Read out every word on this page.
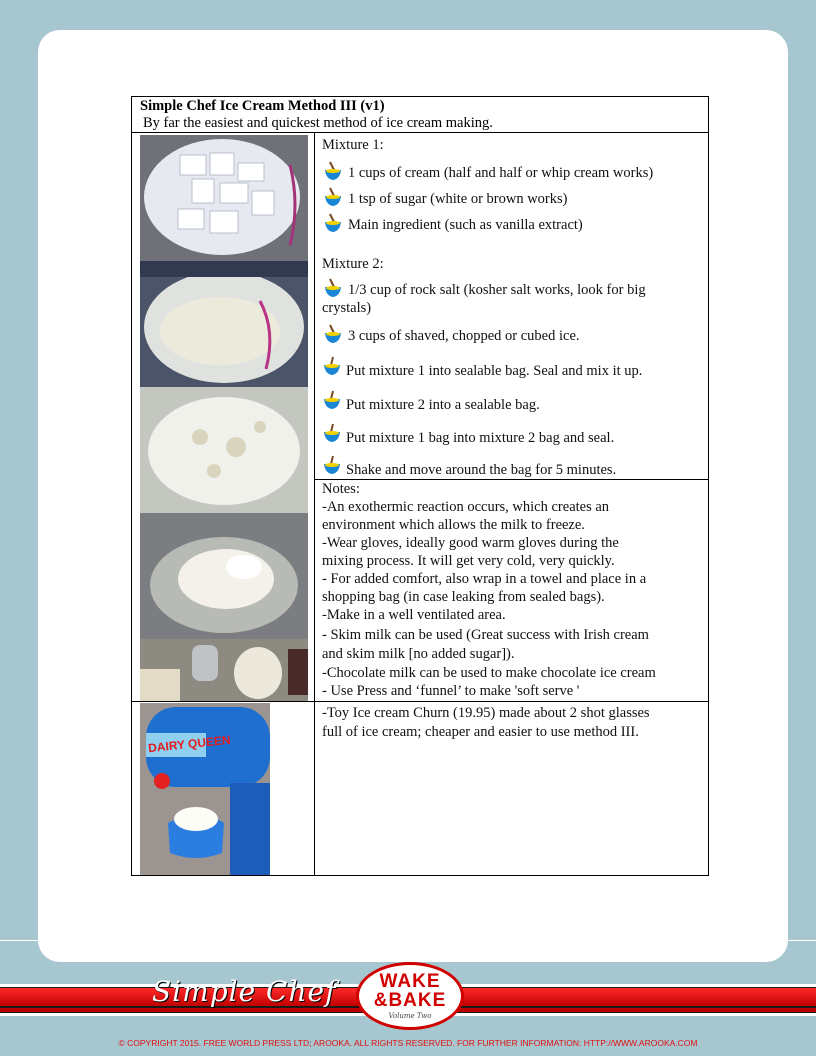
Simple Chef Ice Cream Method III (v1)
By far the easiest and quickest method of ice cream making.
DAIRY QUEEN
Mixture 1:
1 cups of cream (half and half or whip cream works)
1 tsp of sugar (white or brown works)
Main ingredient (such as vanilla extract)
Mixture 2:
1/3 cup of rock salt (kosher salt works, look for big
crystals)
3 cups of shaved, chopped or cubed ice.
Put mixture 1 into sealable bag. Seal and mix it up.
Put mixture 2 into a sealable bag.
Put mixture 1 bag into mixture 2 bag and seal.
Shake and move around the bag for 5 minutes.
Notes:
-An exothermic reaction occurs, which creates an
environment which allows the milk to freeze.
-Wear gloves, ideally good warm gloves during the
mixing process. It will get very cold, very quickly.
- For added comfort, also wrap in a towel and place in a
shopping bag (in case leaking from sealed bags).
-Make in a well ventilated area.
- Skim milk can be used (Great success with Irish cream
and skim milk [no added sugar]).
-Chocolate milk can be used to make chocolate ice cream
- Use Press and ‘funnel’ to make 'soft serve '
-Toy Ice cream Churn (19.95) made about 2 shot glasses
full of ice cream; cheaper and easier to use method III.
Simple Chef	WAKE
&BAKE
Volume Two
© COPYRIGHT 2015. FREE WORLD PRESS LTD; AROOKA. ALL RIGHTS RESERVED. FOR FURTHER INFORMATION: HTTP://WWW.AROOKA.COM
